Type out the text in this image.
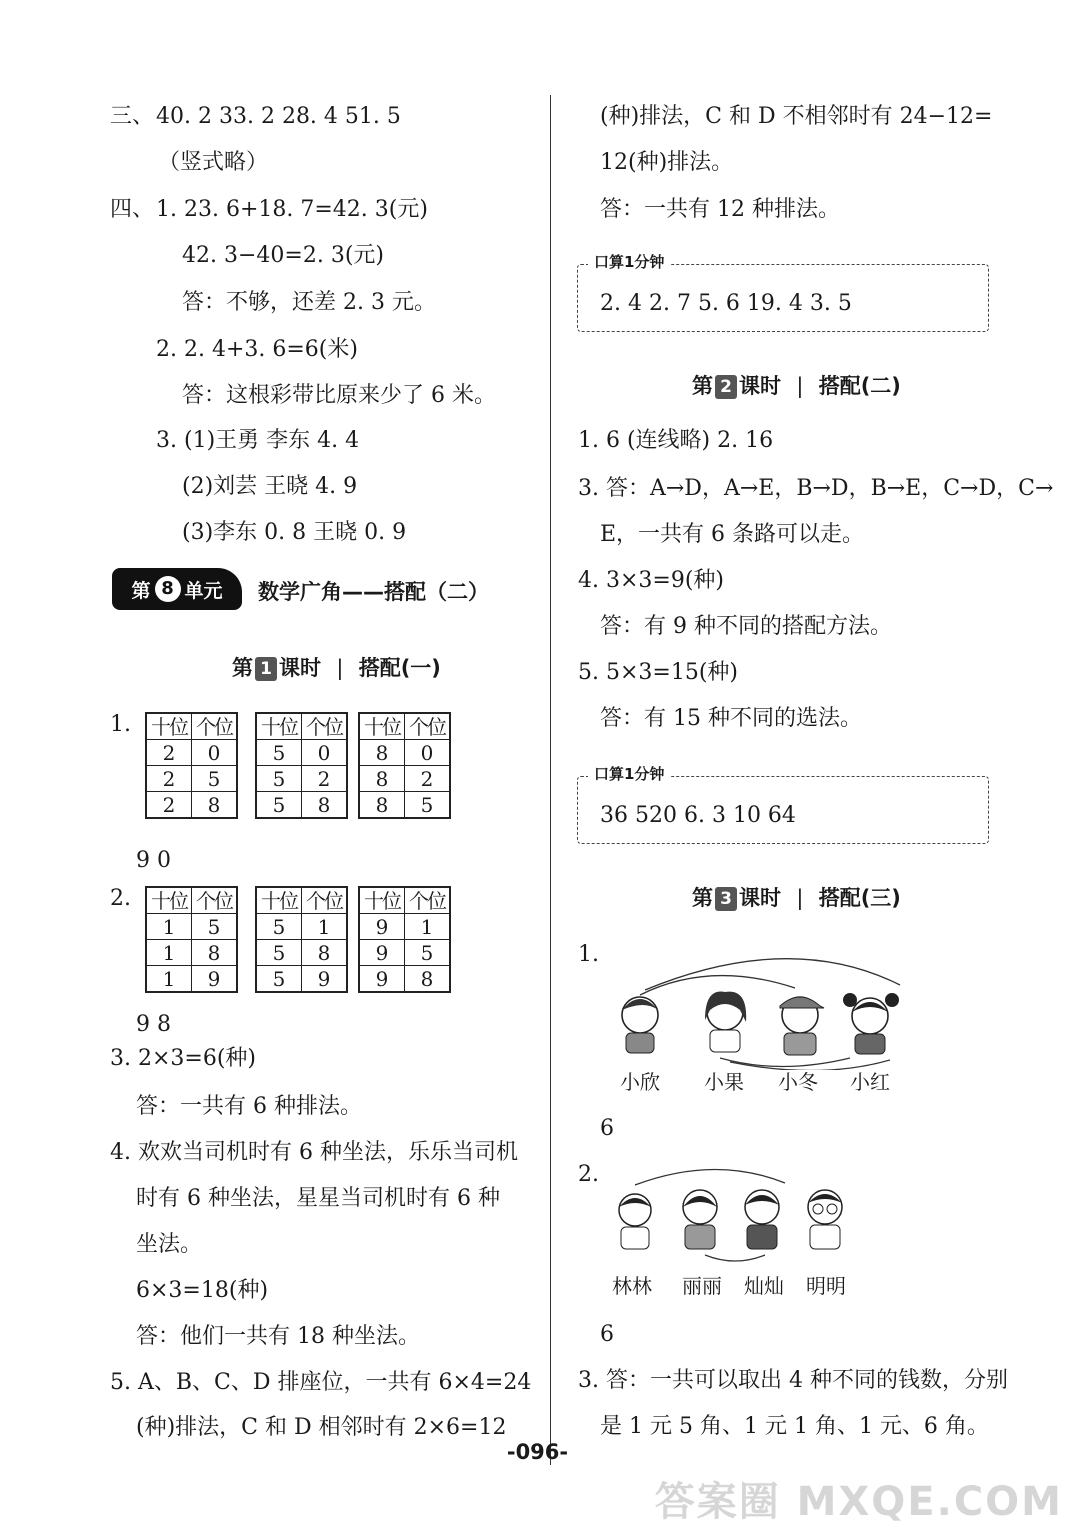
三、 40. 2 33. 2 28. 4 51. 5
（竖式略）
四、 1. 23. 6+18. 7=42. 3(元)
42. 3−40=2. 3(元)
答：不够，还差 2. 3 元。
2. 2. 4+3. 6=6(米)
答：这根彩带比原来少了 6 米。
3. (1)王勇 李东 4. 4
(2)刘芸 王晓 4. 9
(3)李东 0. 8 王晓 0. 9
第 8 单元 数学广角——搭配（二）
第 1 课时 | 搭配(一)
1. 十位	个位
2	0
2	5
2	8
十位	个位
5	0
5	2
5	8
十位	个位
8	0
8	2
8	5
9 0
2. 十位	个位
1	5
1	8
1	9
十位	个位
5	1
5	8
5	9
十位	个位
9	1
9	5
9	8
9 8
3. 2×3=6(种)
答：一共有 6 种排法。
4. 欢欢当司机时有 6 种坐法，乐乐当司机
时有 6 种坐法，星星当司机时有 6 种
坐法。
6×3=18(种)
答：他们一共有 18 种坐法。
5. A、B、C、D 排座位，一共有 6×4=24
(种)排法，C 和 D 相邻时有 2×6=12
(种)排法，C 和 D 不相邻时有 24−12=
12(种)排法。
答：一共有 12 种排法。
口算1分钟
2. 4 2. 7 5. 6 19. 4 3. 5
第 2 课时 | 搭配(二)
1. 6 (连线略) 2. 16
3. 答：A→D，A→E，B→D，B→E，C→D，C→
E，一共有 6 条路可以走。
4. 3×3=9(种)
答：有 9 种不同的搭配方法。
5. 5×3=15(种)
答：有 15 种不同的选法。
口算1分钟
36 520 6. 3 10 64
第 3 课时 | 搭配(三)
1.
小欣 小果 小冬 小红
6
2.
林林 丽丽 灿灿 明明
6
3. 答：一共可以取出 4 种不同的钱数，分别
是 1 元 5 角、1 元 1 角、1 元、6 角。
-096-
答案圈 MXQE.COM
